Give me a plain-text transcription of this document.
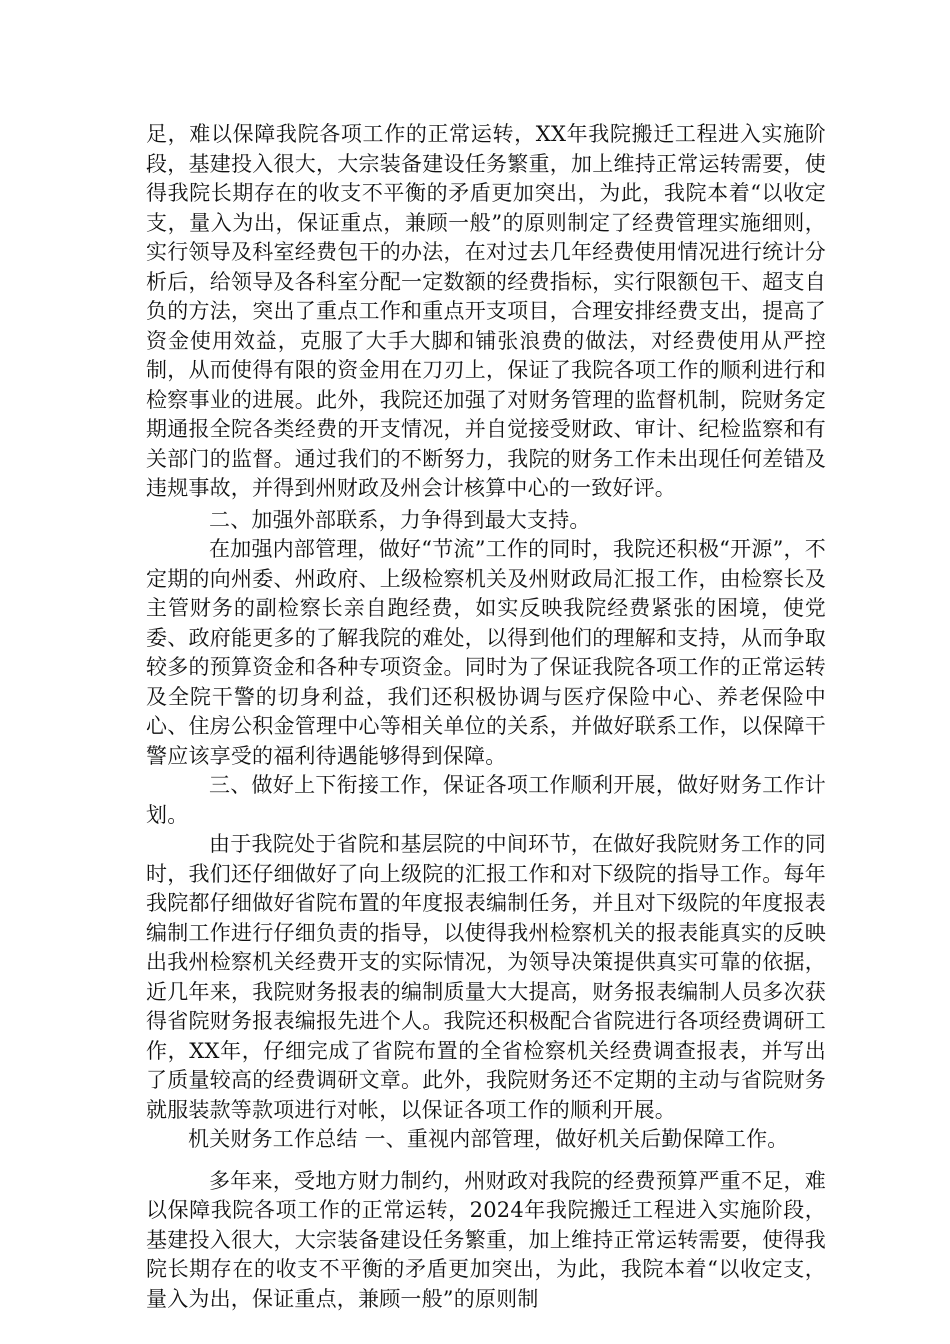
足，难以保障我院各项工作的正常运转，XX年我院搬迁工程进入实施阶段，基建投入很大，大宗装备建设任务繁重，加上维持正常运转需要，使得我院长期存在的收支不平衡的矛盾更加突出，为此，我院本着“以收定支，量入为出，保证重点，兼顾一般”的原则制定了经费管理实施细则，实行领导及科室经费包干的办法，在对过去几年经费使用情况进行统计分析后，给领导及各科室分配一定数额的经费指标，实行限额包干、超支自负的方法，突出了重点工作和重点开支项目，合理安排经费支出，提高了资金使用效益，克服了大手大脚和铺张浪费的做法，对经费使用从严控制，从而使得有限的资金用在刀刃上，保证了我院各项工作的顺利进行和检察事业的进展。此外，我院还加强了对财务管理的监督机制，院财务定期通报全院各类经费的开支情况，并自觉接受财政、审计、纪检监察和有关部门的监督。通过我们的不断努力，我院的财务工作未出现任何差错及违规事故，并得到州财政及州会计核算中心的一致好评。

二、加强外部联系，力争得到最大支持。

在加强内部管理，做好“节流”工作的同时，我院还积极“开源”，不定期的向州委、州政府、上级检察机关及州财政局汇报工作，由检察长及主管财务的副检察长亲自跑经费，如实反映我院经费紧张的困境，使党委、政府能更多的了解我院的难处，以得到他们的理解和支持，从而争取较多的预算资金和各种专项资金。同时为了保证我院各项工作的正常运转及全院干警的切身利益，我们还积极协调与医疗保险中心、养老保险中心、住房公积金管理中心等相关单位的关系，并做好联系工作，以保障干警应该享受的福利待遇能够得到保障。

三、做好上下衔接工作，保证各项工作顺利开展，做好财务工作计划。

由于我院处于省院和基层院的中间环节，在做好我院财务工作的同时，我们还仔细做好了向上级院的汇报工作和对下级院的指导工作。每年我院都仔细做好省院布置的年度报表编制任务，并且对下级院的年度报表编制工作进行仔细负责的指导，以使得我州检察机关的报表能真实的反映出我州检察机关经费开支的实际情况，为领导决策提供真实可靠的依据，近几年来，我院财务报表的编制质量大大提高，财务报表编制人员多次获得省院财务报表编报先进个人。我院还积极配合省院进行各项经费调研工作，XX年，仔细完成了省院布置的全省检察机关经费调查报表，并写出了质量较高的经费调研文章。此外，我院财务还不定期的主动与省院财务就服装款等款项进行对帐，以保证各项工作的顺利开展。

机关财务工作总结 一、重视内部管理，做好机关后勤保障工作。

多年来，受地方财力制约，州财政对我院的经费预算严重不足，难以保障我院各项工作的正常运转，2024年我院搬迁工程进入实施阶段，基建投入很大，大宗装备建设任务繁重，加上维持正常运转需要，使得我院长期存在的收支不平衡的矛盾更加突出，为此，我院本着“以收定支，量入为出，保证重点，兼顾一般”的原则制
